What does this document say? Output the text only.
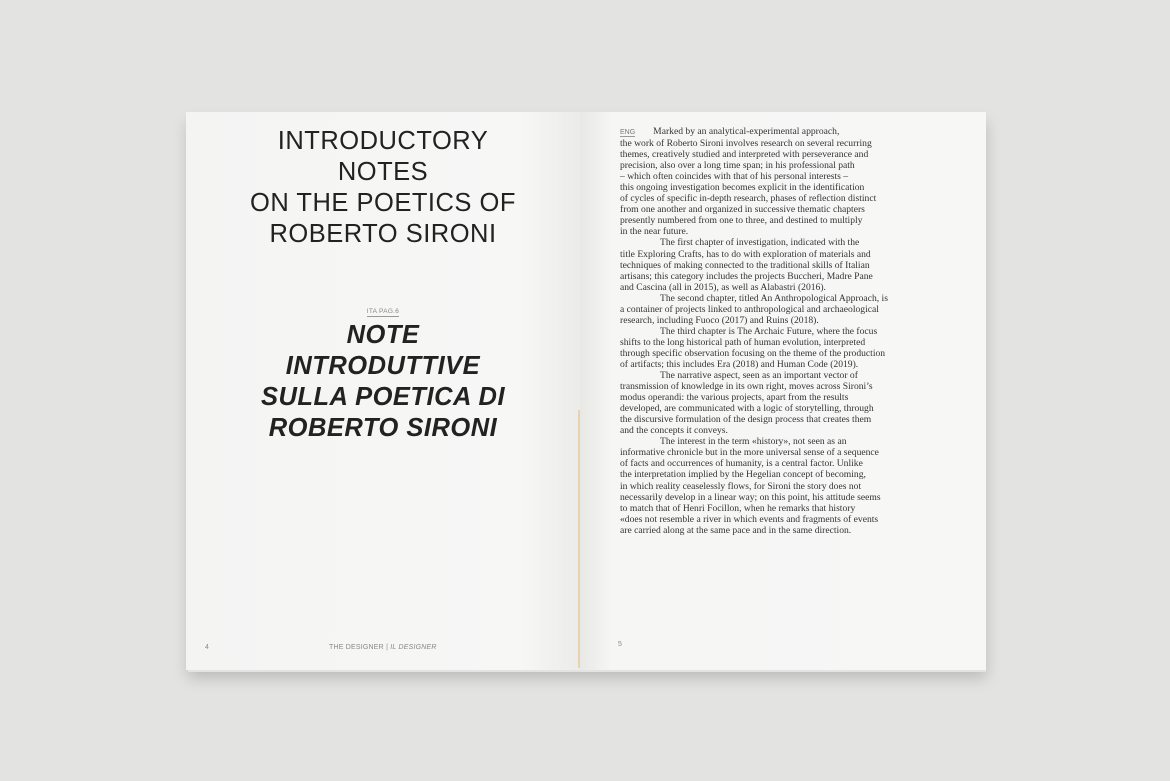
INTRODUCTORY
NOTES
ON THE POETICS OF
ROBERTO SIRONI
ITA PAG.6
NOTE
INTRODUTTIVE
SULLA POETICA DI
ROBERTO SIRONI
4	THE DESIGNER | IL DESIGNER
ENG Marked by an analytical-experimental approach,
the work of Roberto Sironi involves research on several recurring
themes, creatively studied and interpreted with perseverance and
precision, also over a long time span; in his professional path
– which often coincides with that of his personal interests –
this ongoing investigation becomes explicit in the identification
of cycles of specific in-depth research, phases of reflection distinct
from one another and organized in successive thematic chapters
presently numbered from one to three, and destined to multiply
in the near future.
The first chapter of investigation, indicated with the
title Exploring Crafts, has to do with exploration of materials and
techniques of making connected to the traditional skills of Italian
artisans; this category includes the projects Buccheri, Madre Pane
and Cascina (all in 2015), as well as Alabastri (2016).
The second chapter, titled An Anthropological Approach, is
a container of projects linked to anthropological and archaeological
research, including Fuoco (2017) and Ruins (2018).
The third chapter is The Archaic Future, where the focus
shifts to the long historical path of human evolution, interpreted
through specific observation focusing on the theme of the production
of artifacts; this includes Era (2018) and Human Code (2019).
The narrative aspect, seen as an important vector of
transmission of knowledge in its own right, moves across Sironi’s
modus operandi: the various projects, apart from the results
developed, are communicated with a logic of storytelling, through
the discursive formulation of the design process that creates them
and the concepts it conveys.
The interest in the term «history», not seen as an
informative chronicle but in the more universal sense of a sequence
of facts and occurrences of humanity, is a central factor. Unlike
the interpretation implied by the Hegelian concept of becoming,
in which reality ceaselessly flows, for Sironi the story does not
necessarily develop in a linear way; on this point, his attitude seems
to match that of Henri Focillon, when he remarks that history
«does not resemble a river in which events and fragments of events
are carried along at the same pace and in the same direction.
5
